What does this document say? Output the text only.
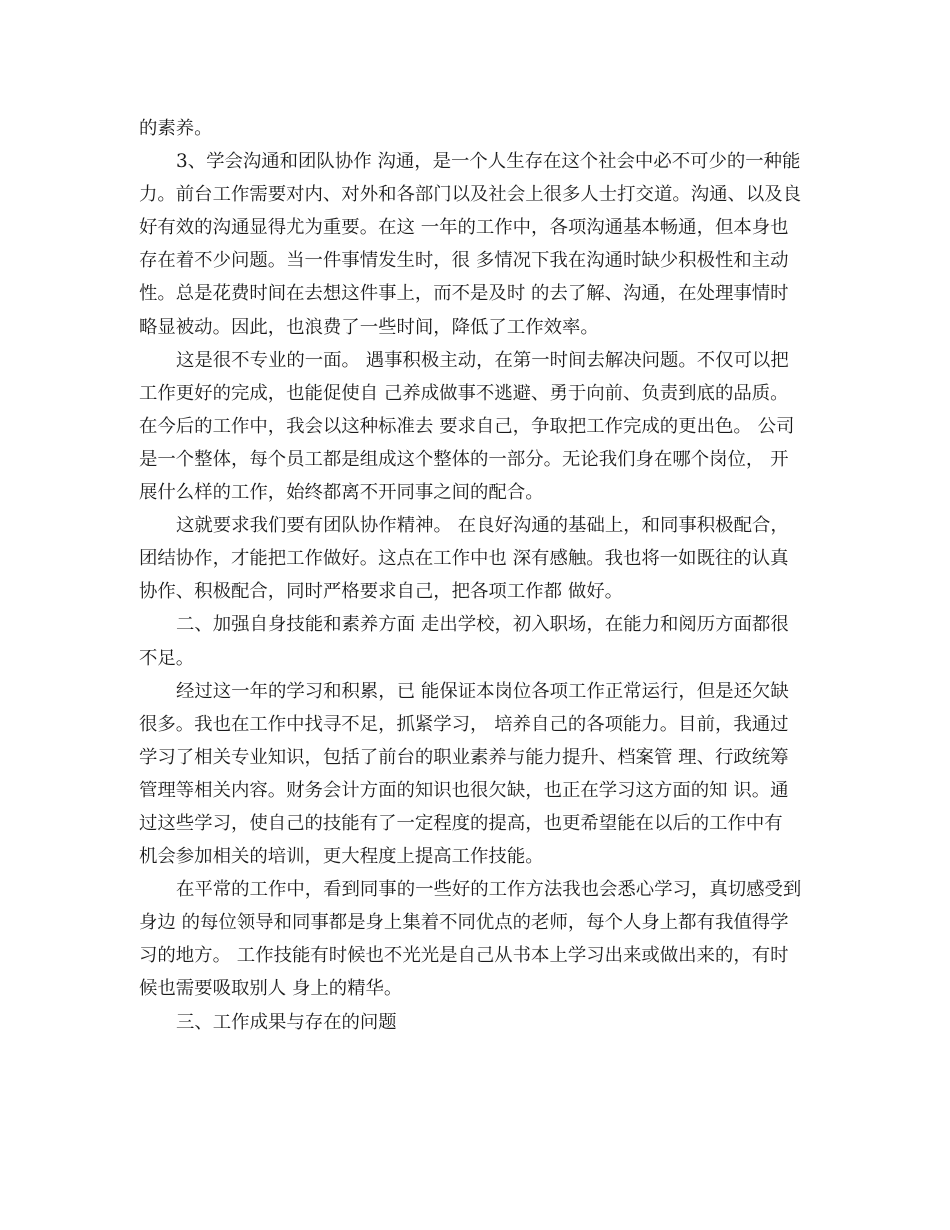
的素养。
3、学会沟通和团队协作 沟通，是一个人生存在这个社会中必不可少的一种能
力。前台工作需要对内、对外和各部门以及社会上很多人士打交道。沟通、以及良
好有效的沟通显得尤为重要。在这 一年的工作中，各项沟通基本畅通，但本身也
存在着不少问题。当一件事情发生时，很 多情况下我在沟通时缺少积极性和主动
性。总是花费时间在去想这件事上，而不是及时 的去了解、沟通，在处理事情时
略显被动。因此，也浪费了一些时间，降低了工作效率。
这是很不专业的一面。 遇事积极主动，在第一时间去解决问题。不仅可以把
工作更好的完成，也能促使自 己养成做事不逃避、勇于向前、负责到底的品质。
在今后的工作中，我会以这种标准去 要求自己，争取把工作完成的更出色。 公司
是一个整体，每个员工都是组成这个整体的一部分。无论我们身在哪个岗位， 开
展什么样的工作，始终都离不开同事之间的配合。
这就要求我们要有团队协作精神。 在良好沟通的基础上，和同事积极配合，
团结协作，才能把工作做好。这点在工作中也 深有感触。我也将一如既往的认真
协作、积极配合，同时严格要求自己，把各项工作都 做好。
二、加强自身技能和素养方面 走出学校，初入职场，在能力和阅历方面都很
不足。
经过这一年的学习和积累，已 能保证本岗位各项工作正常运行，但是还欠缺
很多。我也在工作中找寻不足，抓紧学习， 培养自己的各项能力。目前，我通过
学习了相关专业知识，包括了前台的职业素养与能力提升、档案管 理、行政统筹
管理等相关内容。财务会计方面的知识也很欠缺，也正在学习这方面的知 识。通
过这些学习，使自己的技能有了一定程度的提高，也更希望能在以后的工作中有
机会参加相关的培训，更大程度上提高工作技能。
在平常的工作中，看到同事的一些好的工作方法我也会悉心学习，真切感受到
身边 的每位领导和同事都是身上集着不同优点的老师，每个人身上都有我值得学
习的地方。 工作技能有时候也不光光是自己从书本上学习出来或做出来的，有时
候也需要吸取别人 身上的精华。
三、工作成果与存在的问题
